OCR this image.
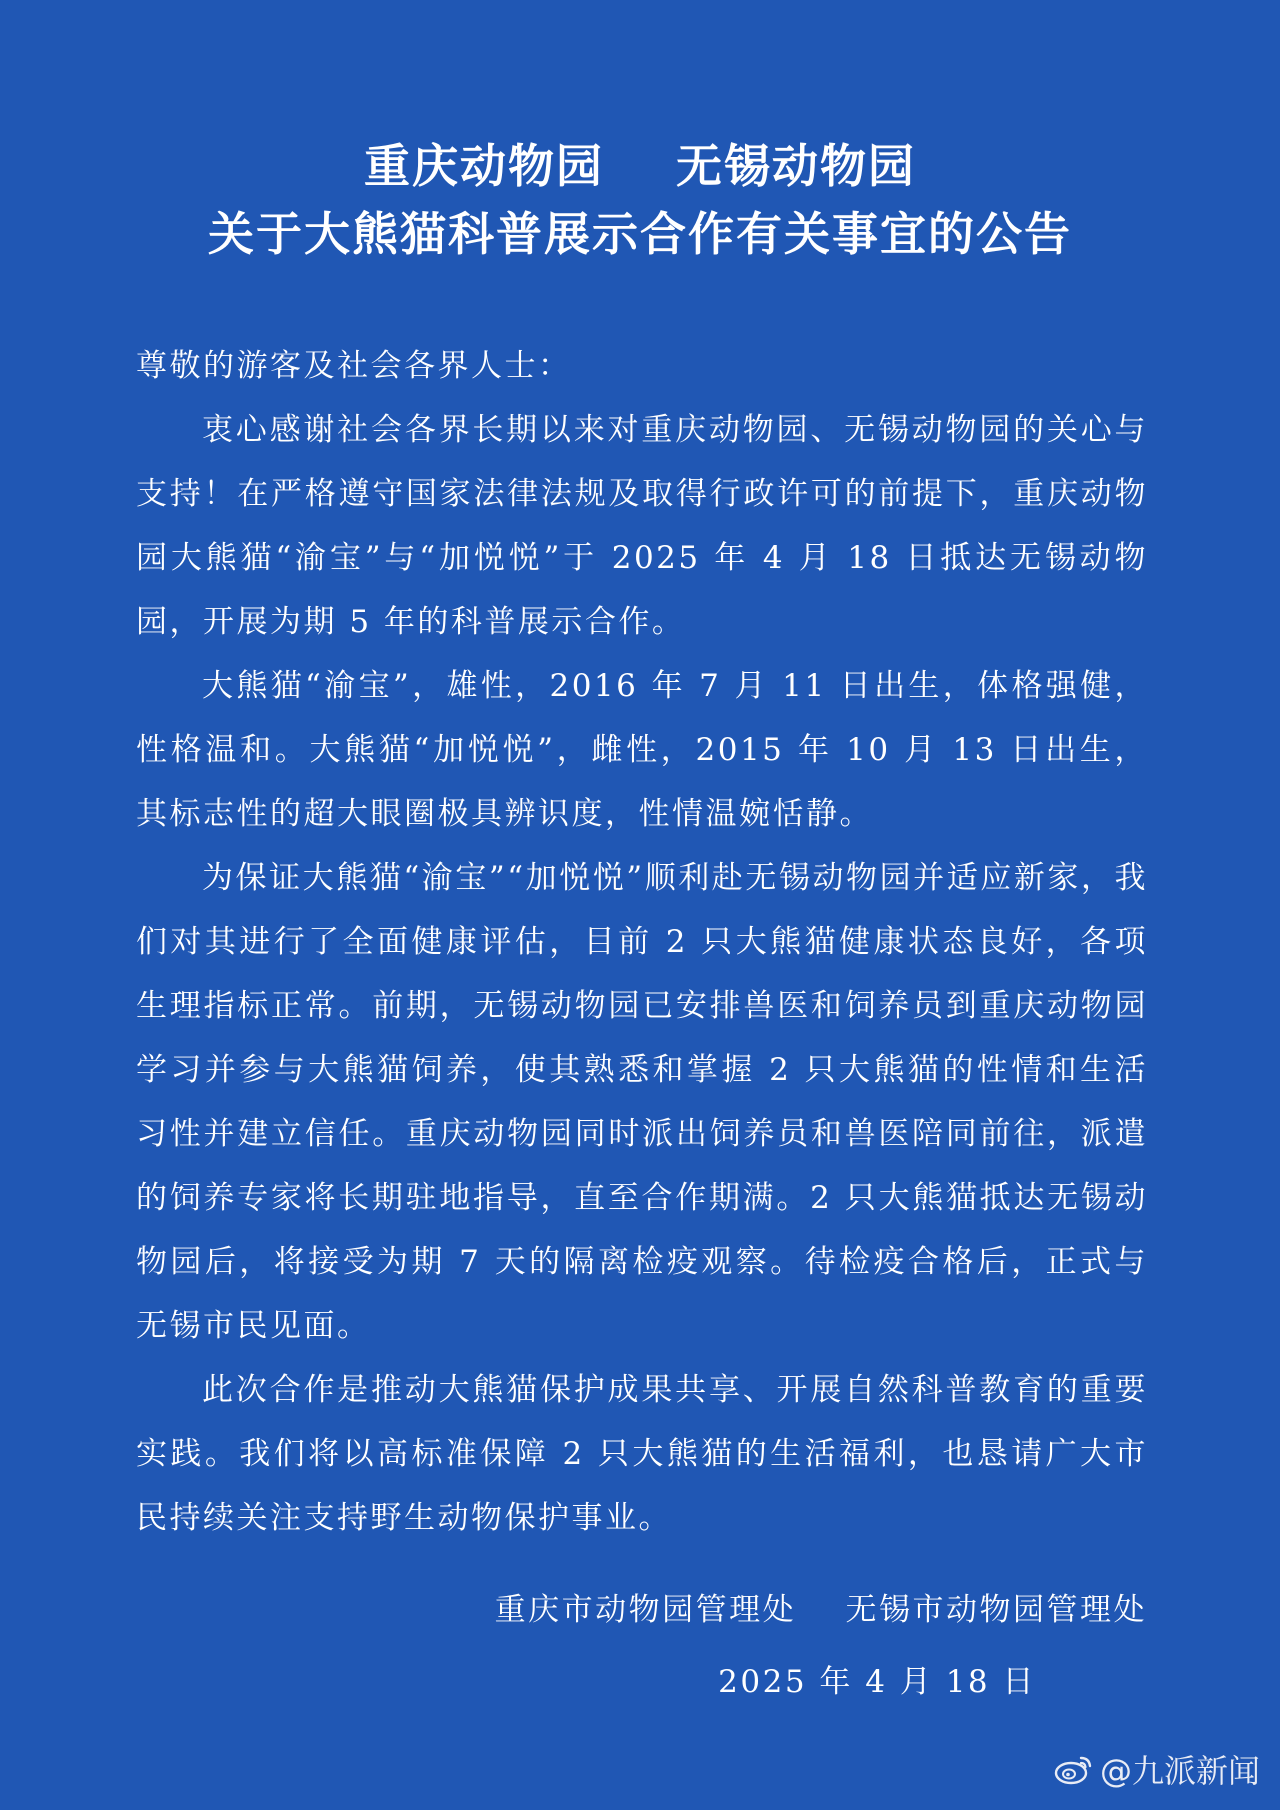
重庆动物园    无锡动物园
关于大熊猫科普展示合作有关事宜的公告

尊敬的游客及社会各界人士：

衷心感谢社会各界长期以来对重庆动物园、无锡动物园的关心与支持！在严格遵守国家法律法规及取得行政许可的前提下，重庆动物园大熊猫“渝宝”与“加悦悦”于 2025 年 4 月 18 日抵达无锡动物园，开展为期 5 年的科普展示合作。

大熊猫“渝宝”，雄性，2016 年 7 月 11 日出生，体格强健，性格温和。大熊猫“加悦悦”，雌性，2015 年 10 月 13 日出生，其标志性的超大眼圈极具辨识度，性情温婉恬静。

为保证大熊猫“渝宝”“加悦悦”顺利赴无锡动物园并适应新家，我们对其进行了全面健康评估，目前 2 只大熊猫健康状态良好，各项生理指标正常。前期，无锡动物园已安排兽医和饲养员到重庆动物园学习并参与大熊猫饲养，使其熟悉和掌握 2 只大熊猫的性情和生活习性并建立信任。重庆动物园同时派出饲养员和兽医陪同前往，派遣的饲养专家将长期驻地指导，直至合作期满。2 只大熊猫抵达无锡动物园后，将接受为期 7 天的隔离检疫观察。待检疫合格后，正式与无锡市民见面。

此次合作是推动大熊猫保护成果共享、开展自然科普教育的重要实践。我们将以高标准保障 2 只大熊猫的生活福利，也恳请广大市民持续关注支持野生动物保护事业。

重庆市动物园管理处    无锡市动物园管理处
2025 年 4 月 18 日
@九派新闻
